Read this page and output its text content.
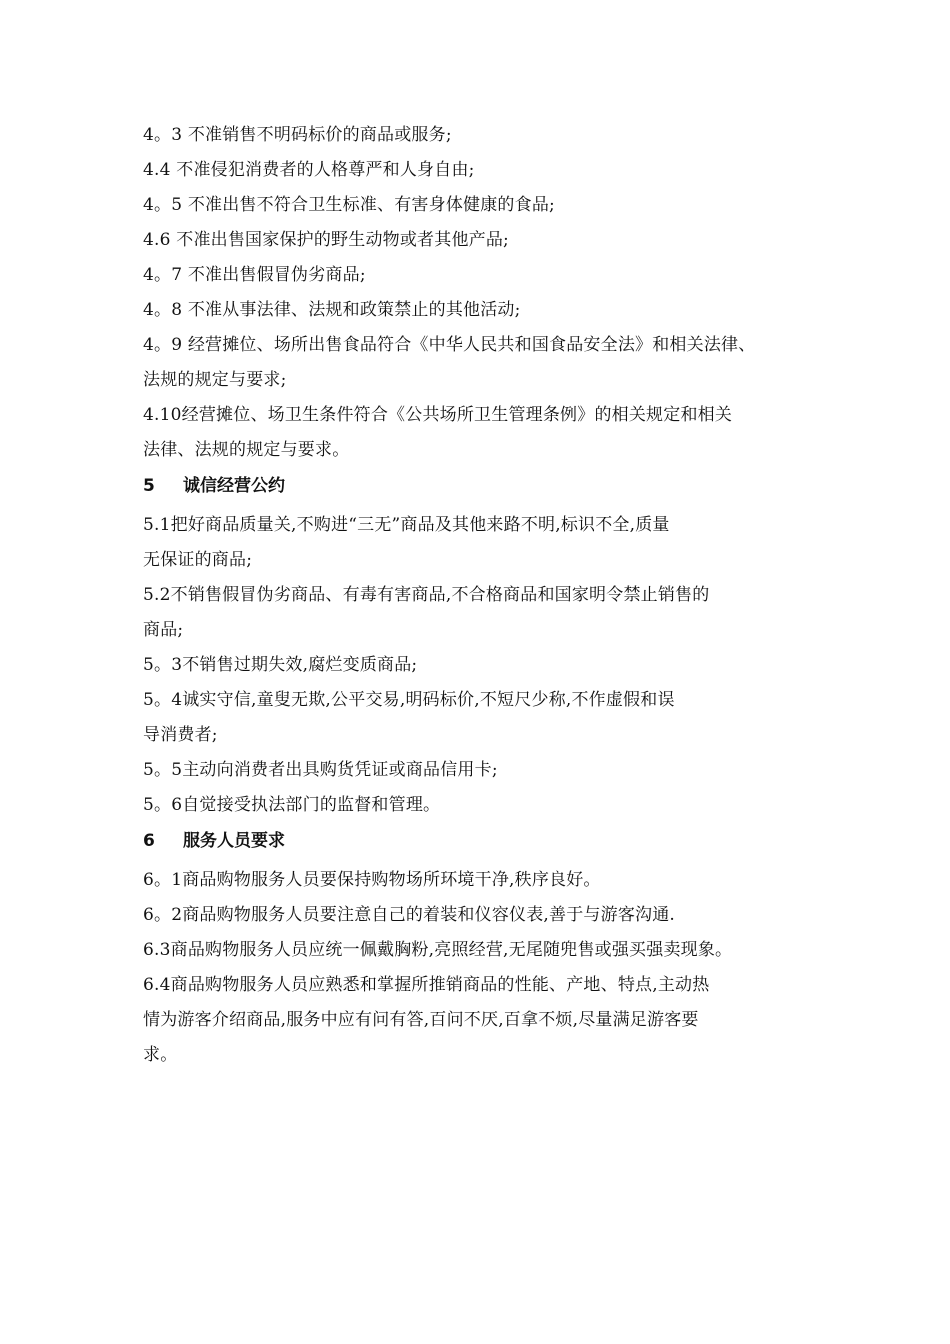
4。3 不准销售不明码标价的商品或服务;
4.4 不准侵犯消费者的人格尊严和人身自由;
4。5 不准出售不符合卫生标准、有害身体健康的食品;
4.6 不准出售国家保护的野生动物或者其他产品;
4。7 不准出售假冒伪劣商品;
4。8 不准从事法律、法规和政策禁止的其他活动;
4。9 经营摊位、场所出售食品符合《中华人民共和国食品安全法》和相关法律、
法规的规定与要求;
4.10经营摊位、场卫生条件符合《公共场所卫生管理条例》的相关规定和相关
法律、法规的规定与要求。
5 诚信经营公约
5.1把好商品质量关,不购进“三无”商品及其他来路不明,标识不全,质量
无保证的商品;
5.2不销售假冒伪劣商品、有毒有害商品,不合格商品和国家明令禁止销售的
商品;
5。3不销售过期失效,腐烂变质商品;
5。4诚实守信,童叟无欺,公平交易,明码标价,不短尺少称,不作虚假和误
导消费者;
5。5主动向消费者出具购货凭证或商品信用卡;
5。6自觉接受执法部门的监督和管理。
6 服务人员要求
6。1商品购物服务人员要保持购物场所环境干净,秩序良好。
6。2商品购物服务人员要注意自己的着装和仪容仪表,善于与游客沟通.
6.3商品购物服务人员应统一佩戴胸粉,亮照经营,无尾随兜售或强买强卖现象。
6.4商品购物服务人员应熟悉和掌握所推销商品的性能、产地、特点,主动热
情为游客介绍商品,服务中应有问有答,百问不厌,百拿不烦,尽量满足游客要
求。
